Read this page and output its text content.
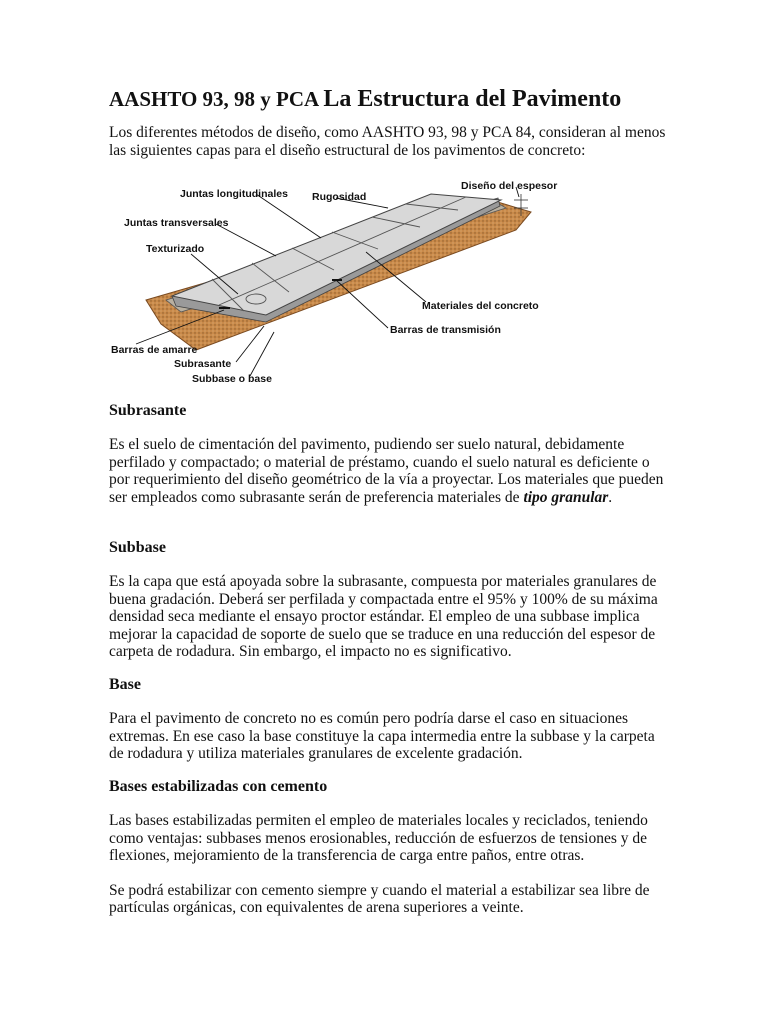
AASHTO 93, 98 y PCA La Estructura del Pavimento

Los diferentes métodos de diseño, como AASHTO 93, 98 y PCA 84, consideran al menos las siguientes capas para el diseño estructural de los pavimentos de concreto:

Juntas longitudinales Rugosidad
Diseño del espesor
Juntas transversales
Texturizado
Materiales del concreto
Barras de transmisión
Barras de amarre
Subrasante
Subbase o base
Subrasante

Es el suelo de cimentación del pavimento, pudiendo ser suelo natural, debidamente perfilado y compactado; o material de préstamo, cuando el suelo natural es deficiente o por requerimiento del diseño geométrico de la vía a proyectar. Los materiales que pueden ser empleados como subrasante serán de preferencia materiales de tipo granular.

Subbase

Es la capa que está apoyada sobre la subrasante, compuesta por materiales granulares de buena gradación. Deberá ser perfilada y compactada entre el 95% y 100% de su máxima densidad seca mediante el ensayo proctor estándar. El empleo de una subbase implica mejorar la capacidad de soporte de suelo que se traduce en una reducción del espesor de carpeta de rodadura. Sin embargo, el impacto no es significativo.

Base

Para el pavimento de concreto no es común pero podría darse el caso en situaciones extremas. En ese caso la base constituye la capa intermedia entre la subbase y la carpeta de rodadura y utiliza materiales granulares de excelente gradación.

Bases estabilizadas con cemento

Las bases estabilizadas permiten el empleo de materiales locales y reciclados, teniendo como ventajas: subbases menos erosionables, reducción de esfuerzos de tensiones y de flexiones, mejoramiento de la transferencia de carga entre paños, entre otras.

Se podrá estabilizar con cemento siempre y cuando el material a estabilizar sea libre de partículas orgánicas, con equivalentes de arena superiores a veinte.
